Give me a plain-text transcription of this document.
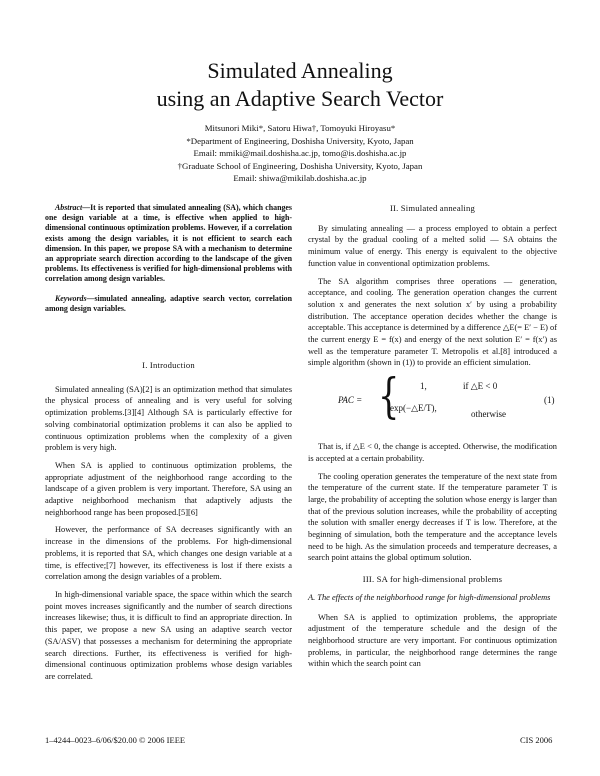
Simulated Annealing
using an Adaptive Search Vector
Mitsunori Miki*, Satoru Hiwa†, Tomoyuki Hiroyasu*
*Department of Engineering, Doshisha University, Kyoto, Japan
Email: mmiki@mail.doshisha.ac.jp, tomo@is.doshisha.ac.jp
†Graduate School of Engineering, Doshisha University, Kyoto, Japan
Email: shiwa@mikilab.doshisha.ac.jp

Abstract—It is reported that simulated annealing (SA), which changes one design variable at a time, is effective when applied to high-dimensional continuous optimization problems. However, if a correlation exists among the design variables, it is not efficient to search each dimension. In this paper, we propose SA with a mechanism to determine an appropriate search direction according to the landscape of the given problems. Its effectiveness is verified for high-dimensional problems with correlation among design variables.

Keywords—simulated annealing, adaptive search vector, correlation among design variables.

I. Introduction

Simulated annealing (SA)[2] is an optimization method that simulates the physical process of annealing and is very useful for solving optimization problems.[3][4] Although SA is particularly effective for solving combinatorial optimization problems it can also be applied to continuous optimization problems when the complexity of a given problem is very high.

When SA is applied to continuous optimization problems, the appropriate adjustment of the neighborhood range according to the landscape of a given problem is very important. Therefore, SA using an adaptive neighborhood mechanism that adaptively adjusts the neighborhood range has been proposed.[5][6]

However, the performance of SA decreases significantly with an increase in the dimensions of the problems. For high-dimensional problems, it is reported that SA, which changes one design variable at a time, is effective;[7] however, its effectiveness is lost if there exists a correlation among the design variables of a problem.

In high-dimensional variable space, the space within which the search point moves increases significantly and the number of search directions increases likewise; thus, it is difficult to find an appropriate direction. In this paper, we propose a new SA using an adaptive search vector (SA/ASV) that possesses a mechanism for determining the appropriate search directions. Further, its effectiveness is verified for high-dimensional continuous optimization problems whose design variables are correlated.

II. Simulated annealing

By simulating annealing — a process employed to obtain a perfect crystal by the gradual cooling of a melted solid — SA obtains the minimum value of energy. This energy is equivalent to the objective function value in conventional optimization problems.

The SA algorithm comprises three operations — generation, acceptance, and cooling. The generation operation changes the current solution x and generates the next solution x′ by using a probability distribution. The acceptance operation decides whether the change is acceptable. This acceptance is determined by a difference △E(= E′ − E) of the current energy E = f(x) and energy of the next solution E′ = f(x′) as well as the temperature parameter T. Metropolis et al.[8] introduced a simple algorithm (shown in (1)) to provide an efficient simulation.

PAC = { 1,	if △E < 0
exp(−△E/T),
otherwise
(1)

That is, if △E < 0, the change is accepted. Otherwise, the modification is accepted at a certain probability.

The cooling operation generates the temperature of the next state from the temperature of the current state. If the temperature parameter T is large, the probability of accepting the solution whose energy is larger than that of the previous solution increases, while the probability of accepting the solution with smaller energy decreases if T is low. Therefore, at the beginning of simulation, both the temperature and the acceptance levels need to be high. As the simulation proceeds and temperature decreases, a search point attains the global optimum solution.

III. SA for high-dimensional problems

A. The effects of the neighborhood range for high-dimensional problems

When SA is applied to optimization problems, the appropriate adjustment of the temperature schedule and the design of the neighborhood structure are very important. For continuous optimization problems, in particular, the neighborhood range determines the range within which the search point can

1–4244–0023–6/06/$20.00 © 2006 IEEE	CIS 2006
